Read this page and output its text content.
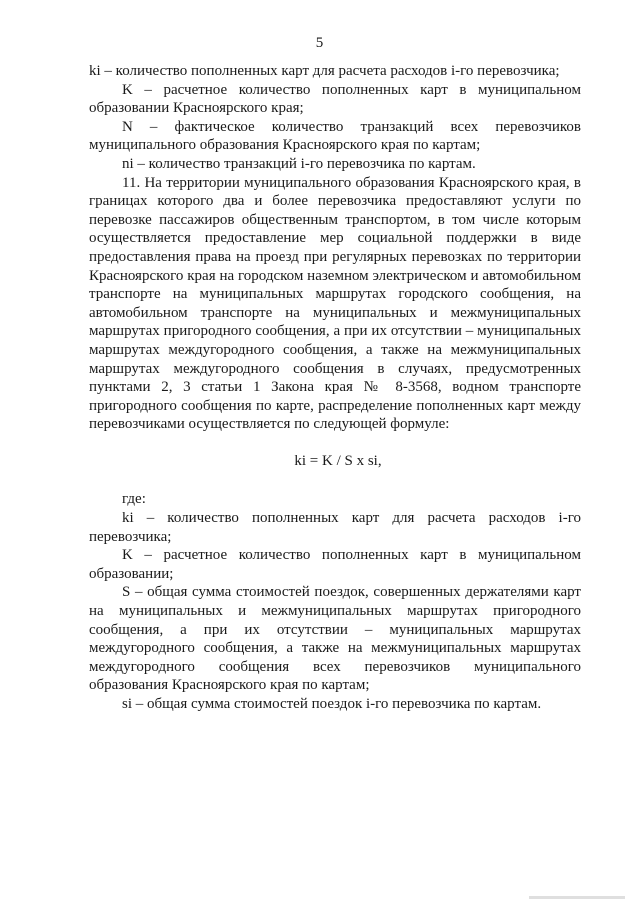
5

ki – количество пополненных карт для расчета расходов i-го перевозчика;

K – расчетное количество пополненных карт в муниципальном образовании Красноярского края;

N – фактическое количество транзакций всех перевозчиков муниципального образования Красноярского края по картам;

ni – количество транзакций i-го перевозчика по картам.

11. На территории муниципального образования Красноярского края, в границах которого два и более перевозчика предоставляют услуги по перевозке пассажиров общественным транспортом, в том числе которым осуществляется предоставление мер социальной поддержки в виде предоставления права на проезд при регулярных перевозках по территории Красноярского края на городском наземном электрическом и автомобильном транспорте на муниципальных маршрутах городского сообщения, на автомобильном транспорте на муниципальных и межмуниципальных маршрутах пригородного сообщения, а при их отсутствии – муниципальных маршрутах междугородного сообщения, а также на межмуниципальных маршрутах междугородного сообщения в случаях, предусмотренных пунктами 2, 3 статьи 1 Закона края № 8-3568, водном транспорте пригородного сообщения по карте, распределение пополненных карт между перевозчиками осуществляется по следующей формуле:

ki = K / S x si,

где:

ki – количество пополненных карт для расчета расходов i-го перевозчика;

K – расчетное количество пополненных карт в муниципальном образовании;

S – общая сумма стоимостей поездок, совершенных держателями карт на муниципальных и межмуниципальных маршрутах пригородного сообщения, а при их отсутствии – муниципальных маршрутах междугородного сообщения, а также на межмуниципальных маршрутах междугородного сообщения всех перевозчиков муниципального образования Красноярского края по картам;

si – общая сумма стоимостей поездок i-го перевозчика по картам.
